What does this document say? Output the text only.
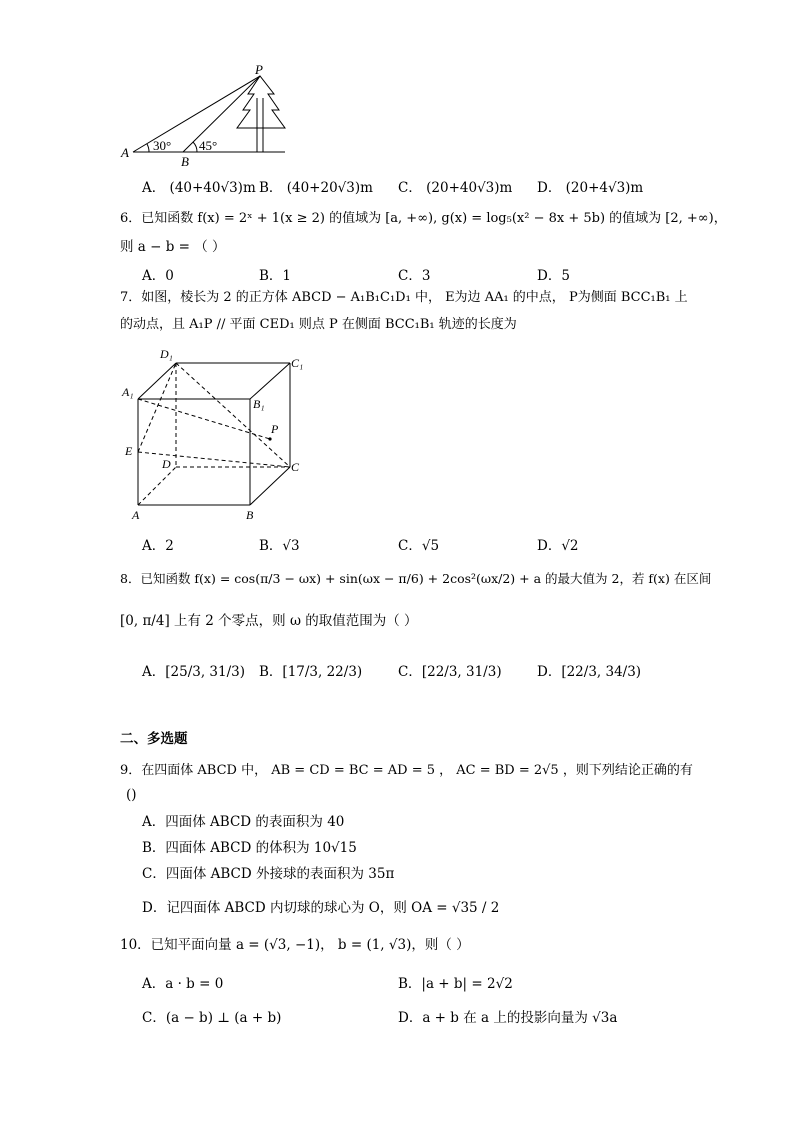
P
A
B
30° 45°
A． (40+40√3)m B． (40+20√3)m C． (20+40√3)m D． (20+4√3)m
6．已知函数 f(x) = 2ˣ + 1(x ≥ 2) 的值域为 [a, +∞), g(x) = log₅(x² − 8x + 5b) 的值域为 [2, +∞)，
则 a − b = （ ）
A．0	B．1	C．3	D．5
7．如图，棱长为 2 的正方体 ABCD − A₁B₁C₁D₁ 中， E为边 AA₁ 的中点， P为侧面 BCC₁B₁ 上
的动点，且 A₁P // 平面 CED₁ 则点 P 在侧面 BCC₁B₁ 轨迹的长度为
D₁
C₁
A₁
B₁
P
E
D	C
A	B
A．2	B．√3	C．√5	D．√2
8．已知函数 f(x) = cos(π/3 − ωx) + sin(ωx − π/6) + 2cos²(ωx/2) + a 的最大值为 2，若 f(x) 在区间
[0, π/4] 上有 2 个零点，则 ω 的取值范围为（ ）
A．[25/3, 31/3) B．[17/3, 22/3)	C．[22/3, 31/3)	D．[22/3, 34/3)
二、多选题
9．在四面体 ABCD 中， AB = CD = BC = AD = 5 ， AC = BD = 2√5 ，则下列结论正确的有
()
A．四面体 ABCD 的表面积为 40
B．四面体 ABCD 的体积为 10√15
C．四面体 ABCD 外接球的表面积为 35π
D．记四面体 ABCD 内切球的球心为 O，则 OA = √35 / 2
10．已知平面向量 a = (√3, −1)， b = (1, √3)，则（ ）
A．a · b = 0	B．|a + b| = 2√2
C．(a − b) ⊥ (a + b)	D．a + b 在 a 上的投影向量为 √3a
